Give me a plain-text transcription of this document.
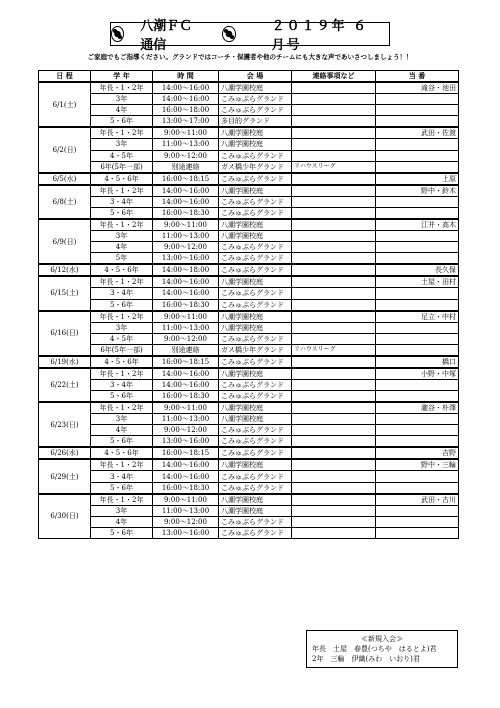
八潮ＦＣ 通信
２０１９年 ６月号
ご家庭でもご指導ください。グランドではコーチ・保護者や他のチームにも大きな声であいさつしましょう！！
日 程	学 年	時 間	会 場	連絡事項など	当 番
6/1(土)	年長・1・2年	14:00〜16:00	八潮学園校庭		滝谷・池田
	3年	14:00〜16:00	こみゅぷらグランド		
	4年	16:00〜18:00	こみゅぷらグランド		
	5・6年	13:00〜17:00	多目的グランド		
6/2(日)	年長・1・2年	9:00〜11:00	八潮学園校庭		武田・佐渡
	3年	11:00〜13:00	八潮学園校庭		
	4・5年	9:00〜12:00	こみゅぷらグランド		
	6年(5年一部)	別途連絡	ガス橋少年グランド	リハウスリーグ	
6/5(水)	4・5・6年	16:00〜18:15	こみゅぷらグランド		上原
6/8(土)	年長・1・2年	14:00〜16:00	八潮学園校庭		野中・鈴木
	3・4年	14:00〜16:00	こみゅぷらグランド		
	5・6年	16:00〜18:30	こみゅぷらグランド		
6/9(日)	年長・1・2年	9:00〜11:00	八潮学園校庭		江井・高木
	3年	11:00〜13:00	八潮学園校庭		
	4年	9:00〜12:00	こみゅぷらグランド		
	5年	13:00〜16:00	こみゅぷらグランド		
6/12(水)	4・5・6年	14:00〜18:00	こみゅぷらグランド		長久保
6/15(土)	年長・1・2年	14:00〜16:00	八潮学園校庭		土屋・田村
	3・4年	14:00〜16:00	こみゅぷらグランド		
	5・6年	16:00〜18:30	こみゅぷらグランド		
6/16(日)	年長・1・2年	9:00〜11:00	八潮学園校庭		足立・中村
	3年	11:00〜13:00	八潮学園校庭		
	4・5年	9:00〜12:00	こみゅぷらグランド		
	6年(5年一部)	別途連絡	ガス橋少年グランド	リハウスリーグ	
6/19(水)	4・5・6年	16:00〜18:15	こみゅぷらグランド		橋口
6/22(土)	年長・1・2年	14:00〜16:00	八潮学園校庭		小野・中塚
	3・4年	14:00〜16:00	こみゅぷらグランド		
	5・6年	16:00〜18:30	こみゅぷらグランド		
6/23(日)	年長・1・2年	9:00〜11:00	八潮学園校庭		瀧谷・朴澤
	3年	11:00〜13:00	八潮学園校庭		
	4年	9:00〜12:00	こみゅぷらグランド		
	5・6年	13:00〜16:00	こみゅぷらグランド		
6/26(水)	4・5・6年	16:00〜18:15	こみゅぷらグランド		吉野
6/29(土)	年長・1・2年	14:00〜16:00	八潮学園校庭		野中・三輪
	3・4年	14:00〜16:00	こみゅぷらグランド		
	5・6年	16:00〜18:30	こみゅぷらグランド		
6/30(日)	年長・1・2年	9:00〜11:00	八潮学園校庭		武田・古川
	3年	11:00〜13:00	八潮学園校庭		
	4年	9:00〜12:00	こみゅぷらグランド		
	5・6年	13:00〜16:00	こみゅぷらグランド		
≪新規入会≫
年長　土屋　春豊(つちや　はるとよ)君
2年　三輪　伊織(みわ　いおり)君
